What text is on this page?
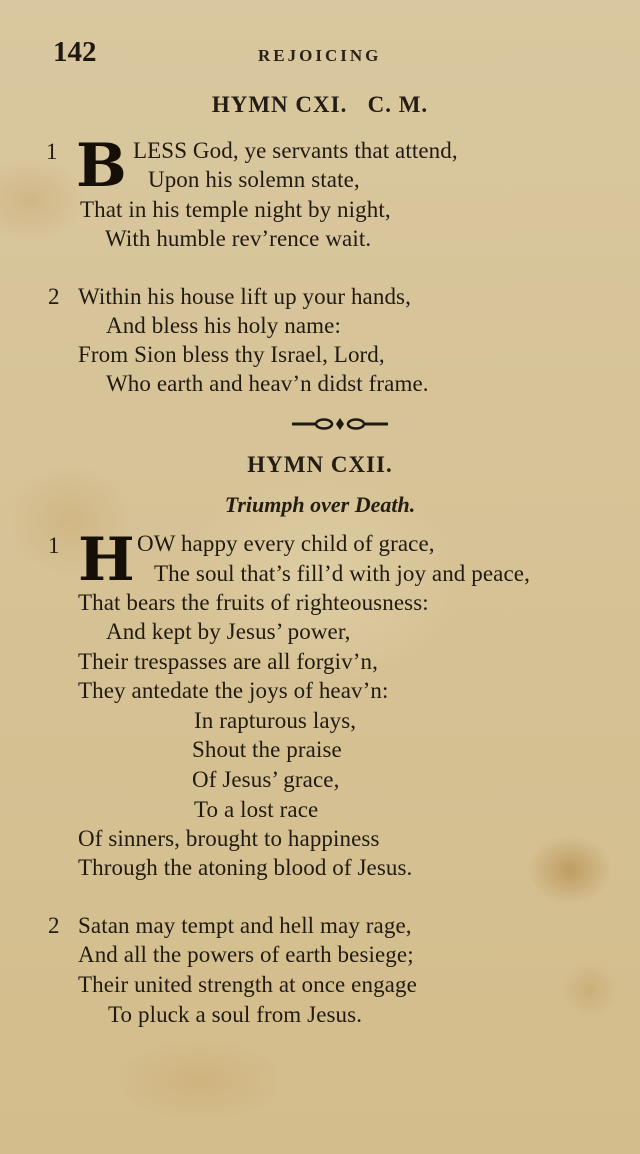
142	REJOICING
HYMN CXI.   C. M.
1 B LESS God, ye servants that attend,
Upon his solemn state,
That in his temple night by night,
With humble rev’rence wait.
2 Within his house lift up your hands,
And bless his holy name:
From Sion bless thy Israel, Lord,
Who earth and heav’n didst frame.
HYMN CXII.
Triumph over Death.
1 H OW happy every child of grace,
The soul that’s fill’d with joy and peace,
That bears the fruits of righteousness:
And kept by Jesus’ power,
Their trespasses are all forgiv’n,
They antedate the joys of heav’n:
In rapturous lays,
Shout the praise
Of Jesus’ grace,
To a lost race
Of sinners, brought to happiness
Through the atoning blood of Jesus.
2 Satan may tempt and hell may rage,
And all the powers of earth besiege;
Their united strength at once engage
To pluck a soul from Jesus.
